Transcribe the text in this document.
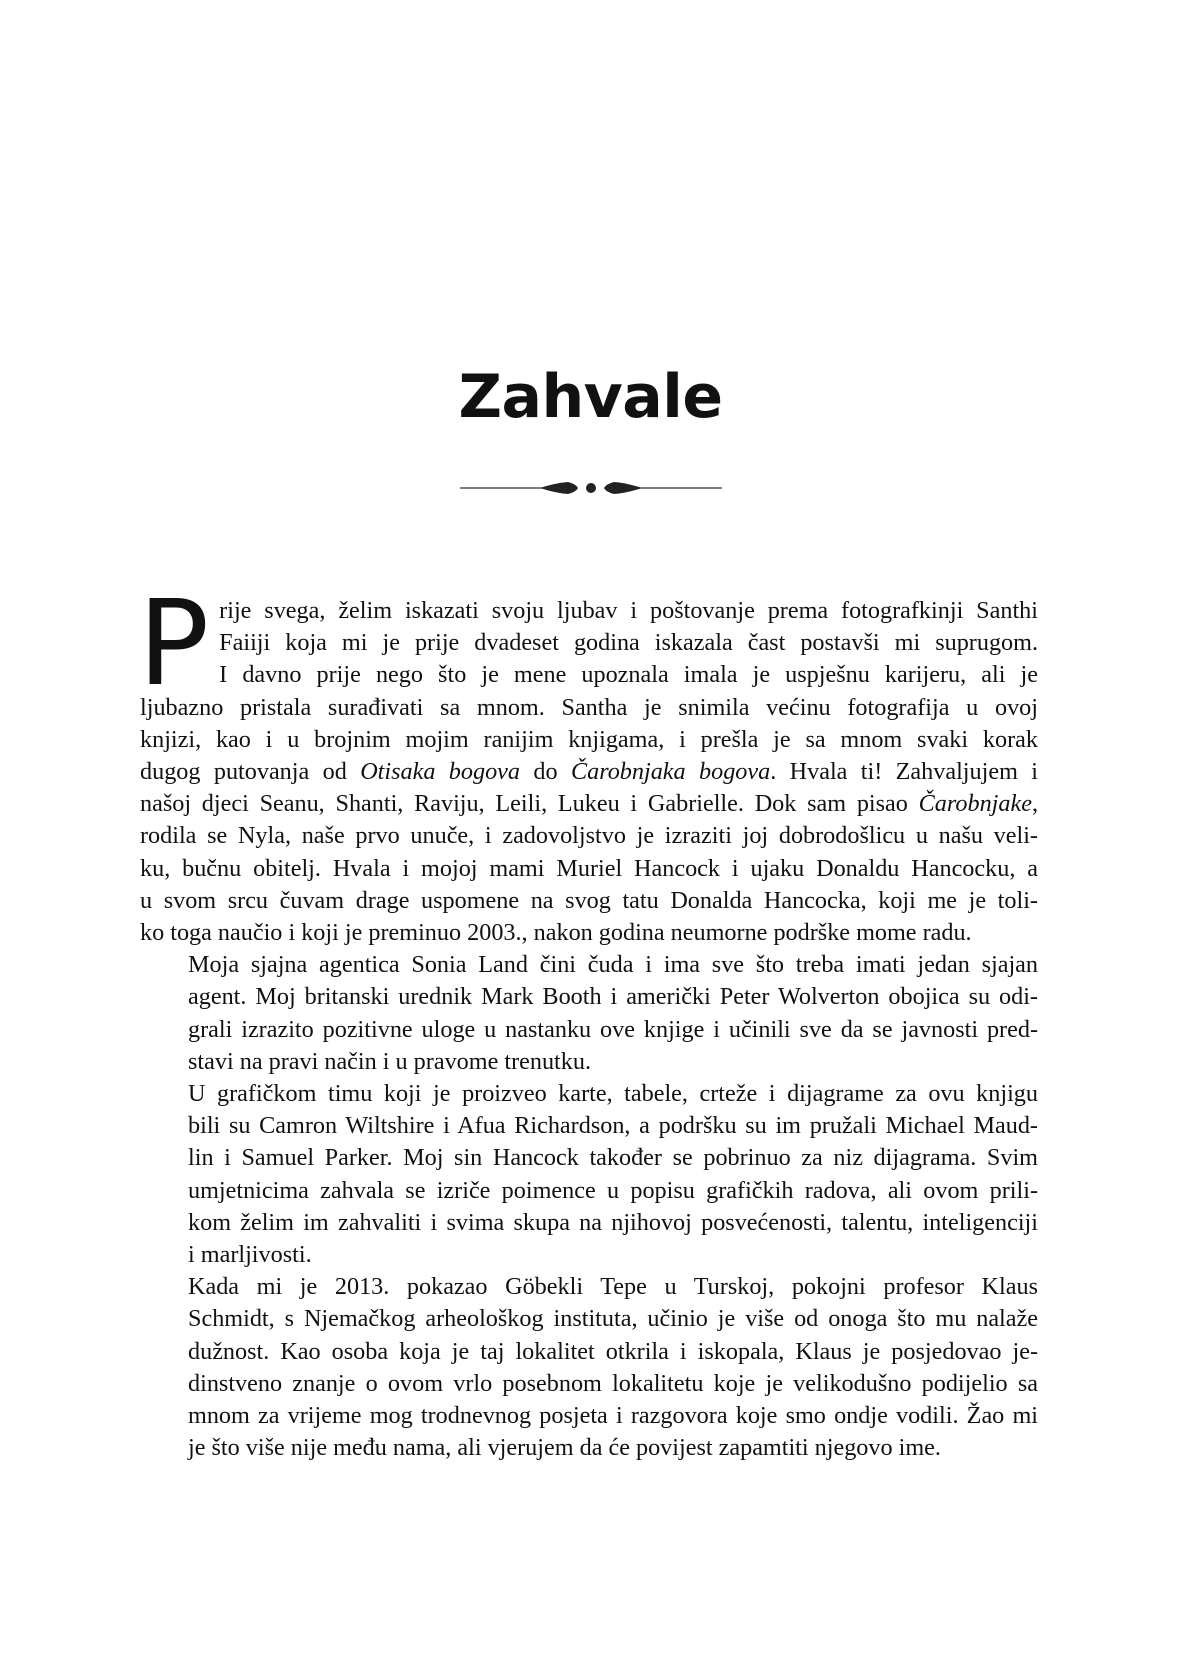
Zahvale

P rije svega, želim iskazati svoju ljubav i poštovanje prema fotografkinji Santhi
Faiiji koja mi je prije dvadeset godina iskazala čast postavši mi suprugom.
I davno prije nego što je mene upoznala imala je uspješnu karijeru, ali je
ljubazno pristala surađivati sa mnom. Santha je snimila većinu fotografija u ovoj
knjizi, kao i u brojnim mojim ranijim knjigama, i prešla je sa mnom svaki korak
dugog putovanja od Otisaka bogova do Čarobnjaka bogova. Hvala ti! Zahvaljujem i
našoj djeci Seanu, Shanti, Raviju, Leili, Lukeu i Gabrielle. Dok sam pisao Čarobnjake,
rodila se Nyla, naše prvo unuče, i zadovoljstvo je izraziti joj dobrodošlicu u našu veli-
ku, bučnu obitelj. Hvala i mojoj mami Muriel Hancock i ujaku Donaldu Hancocku, a
u svom srcu čuvam drage uspomene na svog tatu Donalda Hancocka, koji me je toli-
ko toga naučio i koji je preminuo 2003., nakon godina neumorne podrške mome radu.

Moja sjajna agentica Sonia Land čini čuda i ima sve što treba imati jedan sjajan
agent. Moj britanski urednik Mark Booth i američki Peter Wolverton obojica su odi-
grali izrazito pozitivne uloge u nastanku ove knjige i učinili sve da se javnosti pred-
stavi na pravi način i u pravome trenutku.

U grafičkom timu koji je proizveo karte, tabele, crteže i dijagrame za ovu knjigu
bili su Camron Wiltshire i Afua Richardson, a podršku su im pružali Michael Maud-
lin i Samuel Parker. Moj sin Hancock također se pobrinuo za niz dijagrama. Svim
umjetnicima zahvala se izriče poimence u popisu grafičkih radova, ali ovom prili-
kom želim im zahvaliti i svima skupa na njihovoj posvećenosti, talentu, inteligenciji
i marljivosti.

Kada mi je 2013. pokazao Göbekli Tepe u Turskoj, pokojni profesor Klaus
Schmidt, s Njemačkog arheološkog instituta, učinio je više od onoga što mu nalaže
dužnost. Kao osoba koja je taj lokalitet otkrila i iskopala, Klaus je posjedovao je-
dinstveno znanje o ovom vrlo posebnom lokalitetu koje je velikodušno podijelio sa
mnom za vrijeme mog trodnevnog posjeta i razgovora koje smo ondje vodili. Žao mi
je što više nije među nama, ali vjerujem da će povijest zapamtiti njegovo ime.
